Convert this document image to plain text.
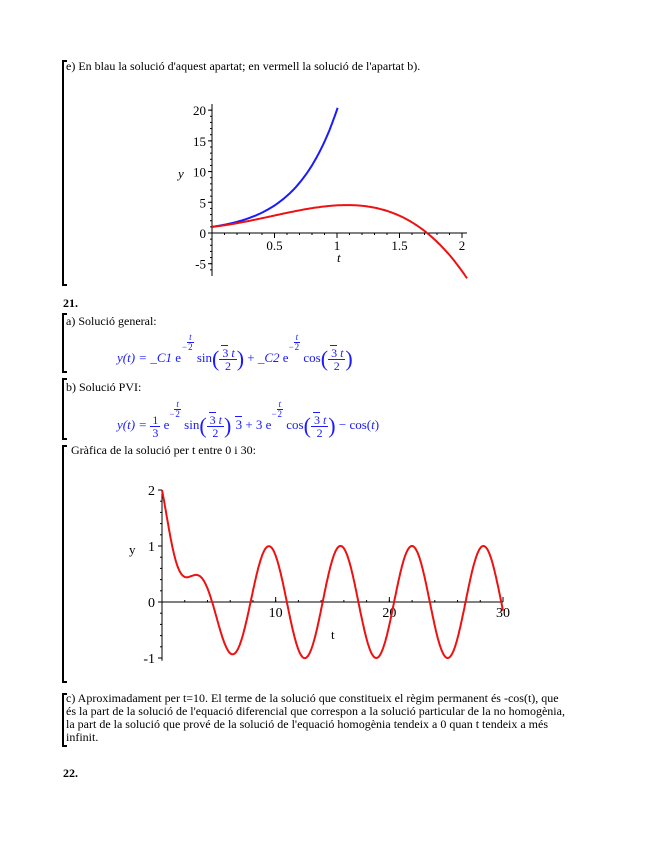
e) En blau la solució d'aquest apartat; en vermell la solució de l'apartat b).
0.5	1	1.5	2
20
15
10
5
0
-5
y
t
21.
a) Solució general:
y(t) = _C1 $e- \frac{t}{2}$
$\sin( \frac{3 t}{2}$ ) + _C2 $e- \frac{t}{2}$
$\cos( \frac{3 t}{2}$ )
b) Solució PVI:
$y(t) = \frac{1}{3} e- \frac{t}{2}$
$\sin( \frac{3 t}{2}$ ) 3 + 3 $e- \frac{t}{2}$
$\cos( \frac{3 t}{2}$ ) − cos(t)
Gràfica de la solució per t entre 0 i 30:
10	20	30
2
1
0
-1
y
t
c) Aproximadament per t=10. El terme de la solució que constitueix el règim permanent és -cos(t), que
és la part de la solució de l'equació diferencial que correspon a la solució particular de la no homogènia,
la part de la solució que prové de la solució de l'equació homogènia tendeix a 0 quan t tendeix a més
infinit.
22.
